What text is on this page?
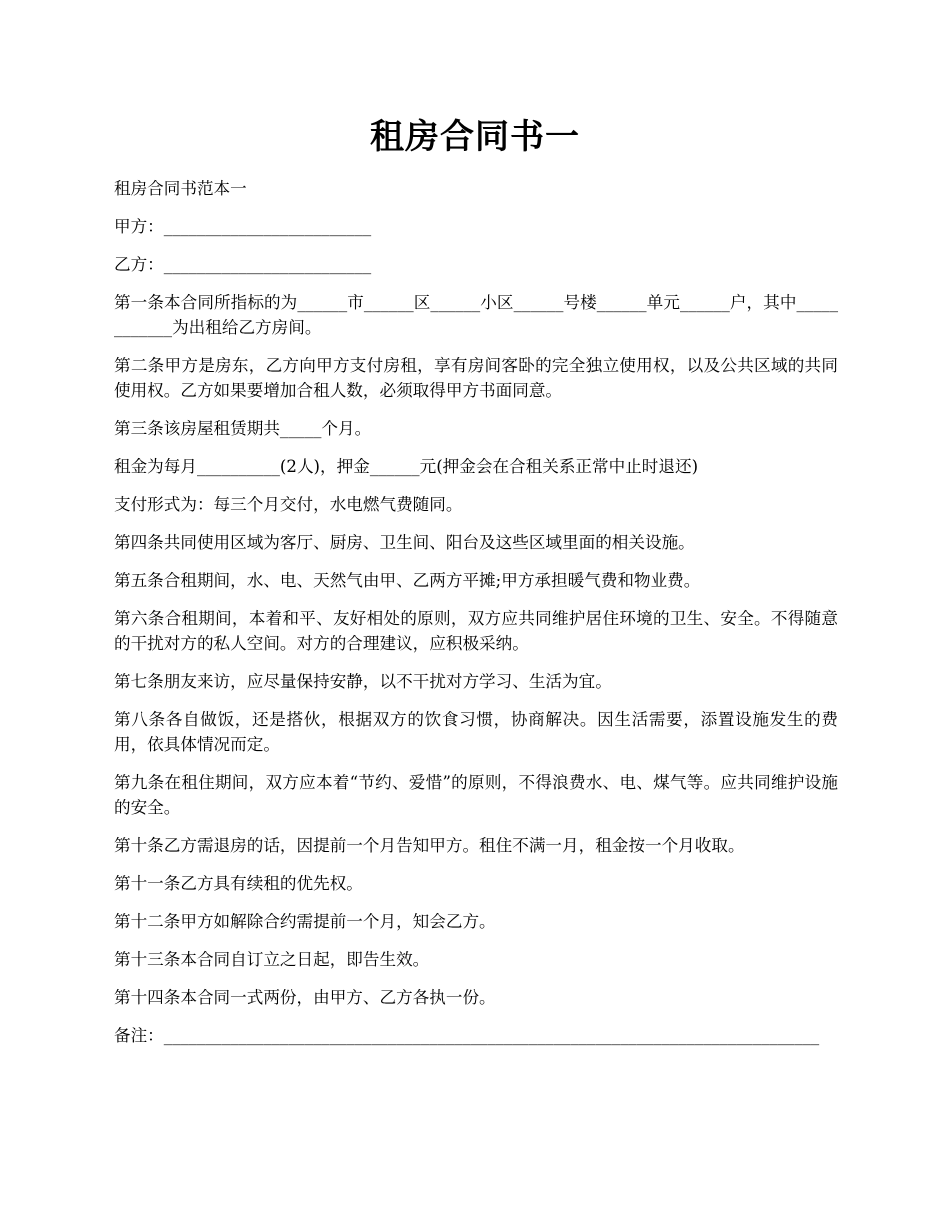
租房合同书一

租房合同书范本一

甲方：_________________________

乙方：_________________________

第一条本合同所指标的为______市______区______小区______号楼______单元______户，其中____________为出租给乙方房间。

第二条甲方是房东，乙方向甲方支付房租，享有房间客卧的完全独立使用权，以及公共区域的共同使用权。乙方如果要增加合租人数，必须取得甲方书面同意。

第三条该房屋租赁期共_____个月。

租金为每月__________(2人)，押金______元(押金会在合租关系正常中止时退还)

支付形式为：每三个月交付，水电燃气费随同。

第四条共同使用区域为客厅、厨房、卫生间、阳台及这些区域里面的相关设施。

第五条合租期间，水、电、天然气由甲、乙两方平摊;甲方承担暖气费和物业费。

第六条合租期间，本着和平、友好相处的原则，双方应共同维护居住环境的卫生、安全。不得随意的干扰对方的私人空间。对方的合理建议，应积极采纳。

第七条朋友来访，应尽量保持安静，以不干扰对方学习、生活为宜。

第八条各自做饭，还是搭伙，根据双方的饮食习惯，协商解决。因生活需要，添置设施发生的费用，依具体情况而定。

第九条在租住期间，双方应本着“节约、爱惜”的原则，不得浪费水、电、煤气等。应共同维护设施的安全。

第十条乙方需退房的话，因提前一个月告知甲方。租住不满一月，租金按一个月收取。

第十一条乙方具有续租的优先权。

第十二条甲方如解除合约需提前一个月，知会乙方。

第十三条本合同自订立之日起，即告生效。

第十四条本合同一式两份，由甲方、乙方各执一份。

备注：_______________________________________________________________________________
